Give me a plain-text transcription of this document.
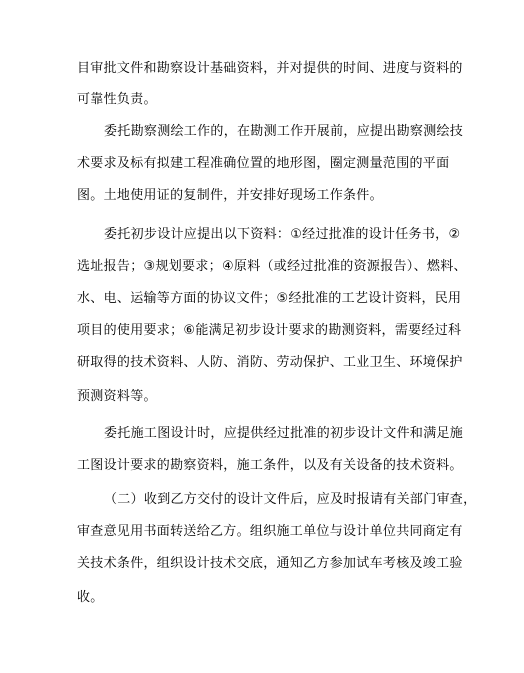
目审批文件和勘察设计基础资料，并对提供的时间、进度与资料的
可靠性负责。
委托勘察测绘工作的，在勘测工作开展前，应提出勘察测绘技
术要求及标有拟建工程准确位置的地形图，圈定测量范围的平面
图。土地使用证的复制件，并安排好现场工作条件。
委托初步设计应提出以下资料：①经过批准的设计任务书，②
选址报告；③规划要求；④原料（或经过批准的资源报告）、燃料、
水、电、运输等方面的协议文件；⑤经批准的工艺设计资料，民用
项目的使用要求；⑥能满足初步设计要求的勘测资料，需要经过科
研取得的技术资料、人防、消防、劳动保护、工业卫生、环境保护
预测资料等。
委托施工图设计时，应提供经过批准的初步设计文件和满足施
工图设计要求的勘察资料，施工条件，以及有关设备的技术资料。
（二）收到乙方交付的设计文件后，应及时报请有关部门审查，
审查意见用书面转送给乙方。组织施工单位与设计单位共同商定有
关技术条件，组织设计技术交底，通知乙方参加试车考核及竣工验
收。
